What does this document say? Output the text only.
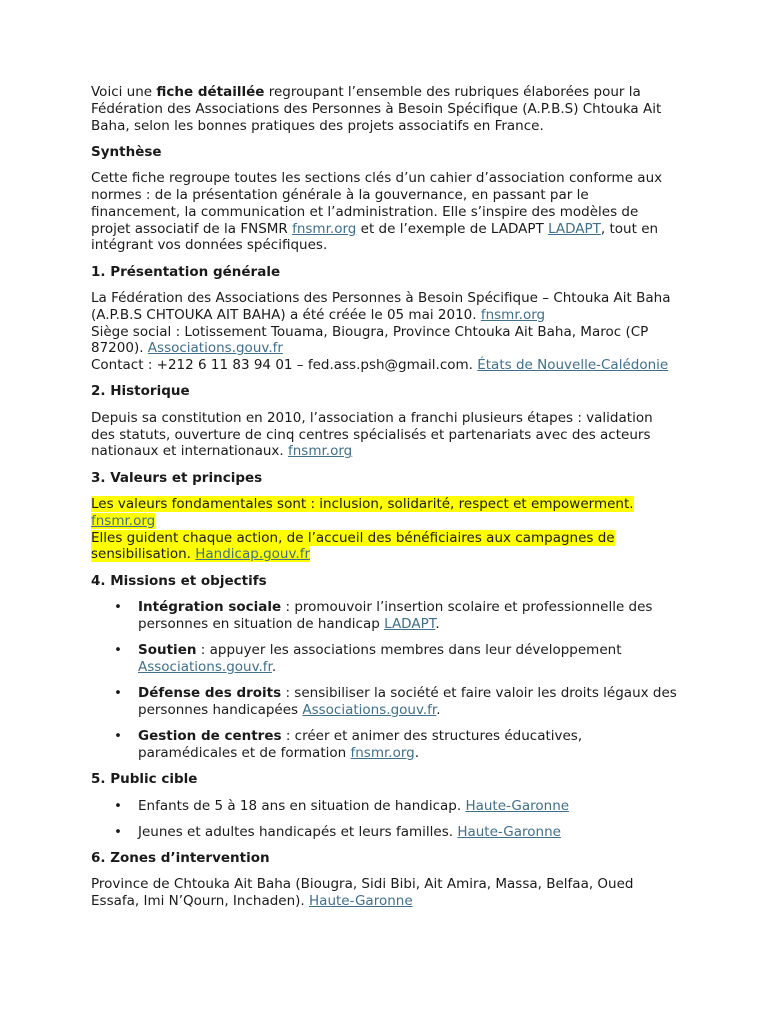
Voici une fiche détaillée regroupant l’ensemble des rubriques élaborées pour la Fédération des Associations des Personnes à Besoin Spécifique (A.P.B.S) Chtouka Ait Baha, selon les bonnes pratiques des projets associatifs en France.

Synthèse

Cette fiche regroupe toutes les sections clés d’un cahier d’association conforme aux normes : de la présentation générale à la gouvernance, en passant par le financement, la communication et l’administration. Elle s’inspire des modèles de projet associatif de la FNSMR fnsmr.org et de l’exemple de LADAPT LADAPT, tout en intégrant vos données spécifiques.

1. Présentation générale

La Fédération des Associations des Personnes à Besoin Spécifique – Chtouka Ait Baha (A.P.B.S CHTOUKA AIT BAHA) a été créée le 05 mai 2010. fnsmr.org
Siège social : Lotissement Touama, Biougra, Province Chtouka Ait Baha, Maroc (CP 87200). Associations.gouv.fr
Contact : +212 6 11 83 94 01 – fed.ass.psh@gmail.com. États de Nouvelle-Calédonie

2. Historique

Depuis sa constitution en 2010, l’association a franchi plusieurs étapes : validation des statuts, ouverture de cinq centres spécialisés et partenariats avec des acteurs nationaux et internationaux. fnsmr.org

3. Valeurs et principes

Les valeurs fondamentales sont : inclusion, solidarité, respect et empowerment. fnsmr.org
Elles guident chaque action, de l’accueil des bénéficiaires aux campagnes de sensibilisation. Handicap.gouv.fr

4. Missions et objectifs
• Intégration sociale : promouvoir l’insertion scolaire et professionnelle des personnes en situation de handicap LADAPT.
• Soutien : appuyer les associations membres dans leur développement Associations.gouv.fr.
• Défense des droits : sensibiliser la société et faire valoir les droits légaux des personnes handicapées Associations.gouv.fr.
• Gestion de centres : créer et animer des structures éducatives, paramédicales et de formation fnsmr.org.
5. Public cible
• Enfants de 5 à 18 ans en situation de handicap. Haute-Garonne
• Jeunes et adultes handicapés et leurs familles. Haute-Garonne
6. Zones d’intervention

Province de Chtouka Ait Baha (Biougra, Sidi Bibi, Ait Amira, Massa, Belfaa, Oued Essafa, Imi N’Qourn, Inchaden). Haute-Garonne
